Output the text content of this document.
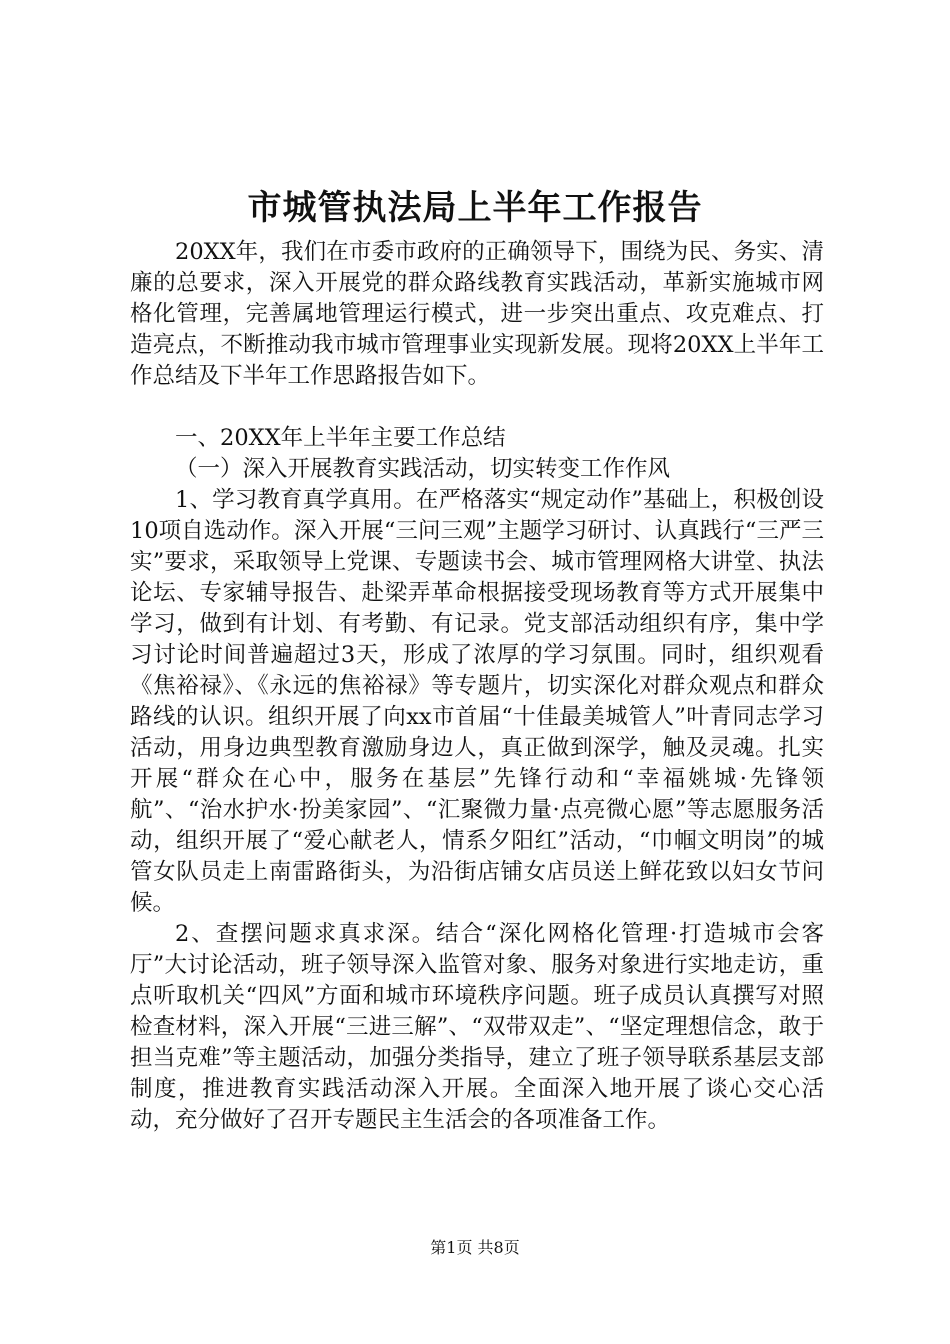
市城管执法局上半年工作报告

20XX年，我们在市委市政府的正确领导下，围绕为民、务实、清廉的总要求，深入开展党的群众路线教育实践活动，革新实施城市网格化管理，完善属地管理运行模式，进一步突出重点、攻克难点、打造亮点，不断推动我市城市管理事业实现新发展。现将20XX上半年工作总结及下半年工作思路报告如下。

一、20XX年上半年主要工作总结

（一）深入开展教育实践活动，切实转变工作作风

1、学习教育真学真用。在严格落实“规定动作”基础上，积极创设10项自选动作。深入开展“三问三观”主题学习研讨、认真践行“三严三实”要求，采取领导上党课、专题读书会、城市管理网格大讲堂、执法论坛、专家辅导报告、赴梁弄革命根据接受现场教育等方式开展集中学习，做到有计划、有考勤、有记录。党支部活动组织有序，集中学习讨论时间普遍超过3天，形成了浓厚的学习氛围。同时，组织观看《焦裕禄》、《永远的焦裕禄》等专题片，切实深化对群众观点和群众路线的认识。组织开展了向xx市首届“十佳最美城管人”叶青同志学习活动，用身边典型教育激励身边人，真正做到深学，触及灵魂。扎实开展“群众在心中，服务在基层”先锋行动和“幸福姚城·先锋领航”、“治水护水·扮美家园”、“汇聚微力量·点亮微心愿”等志愿服务活动，组织开展了“爱心献老人，情系夕阳红”活动，“巾帼文明岗”的城管女队员走上南雷路街头，为沿街店铺女店员送上鲜花致以妇女节问候。

2、查摆问题求真求深。结合“深化网格化管理·打造城市会客厅”大讨论活动，班子领导深入监管对象、服务对象进行实地走访，重点听取机关“四风”方面和城市环境秩序问题。班子成员认真撰写对照检查材料，深入开展“三进三解”、“双带双走”、“坚定理想信念，敢于担当克难”等主题活动，加强分类指导，建立了班子领导联系基层支部制度，推进教育实践活动深入开展。全面深入地开展了谈心交心活动，充分做好了召开专题民主生活会的各项准备工作。

第1页 共8页
